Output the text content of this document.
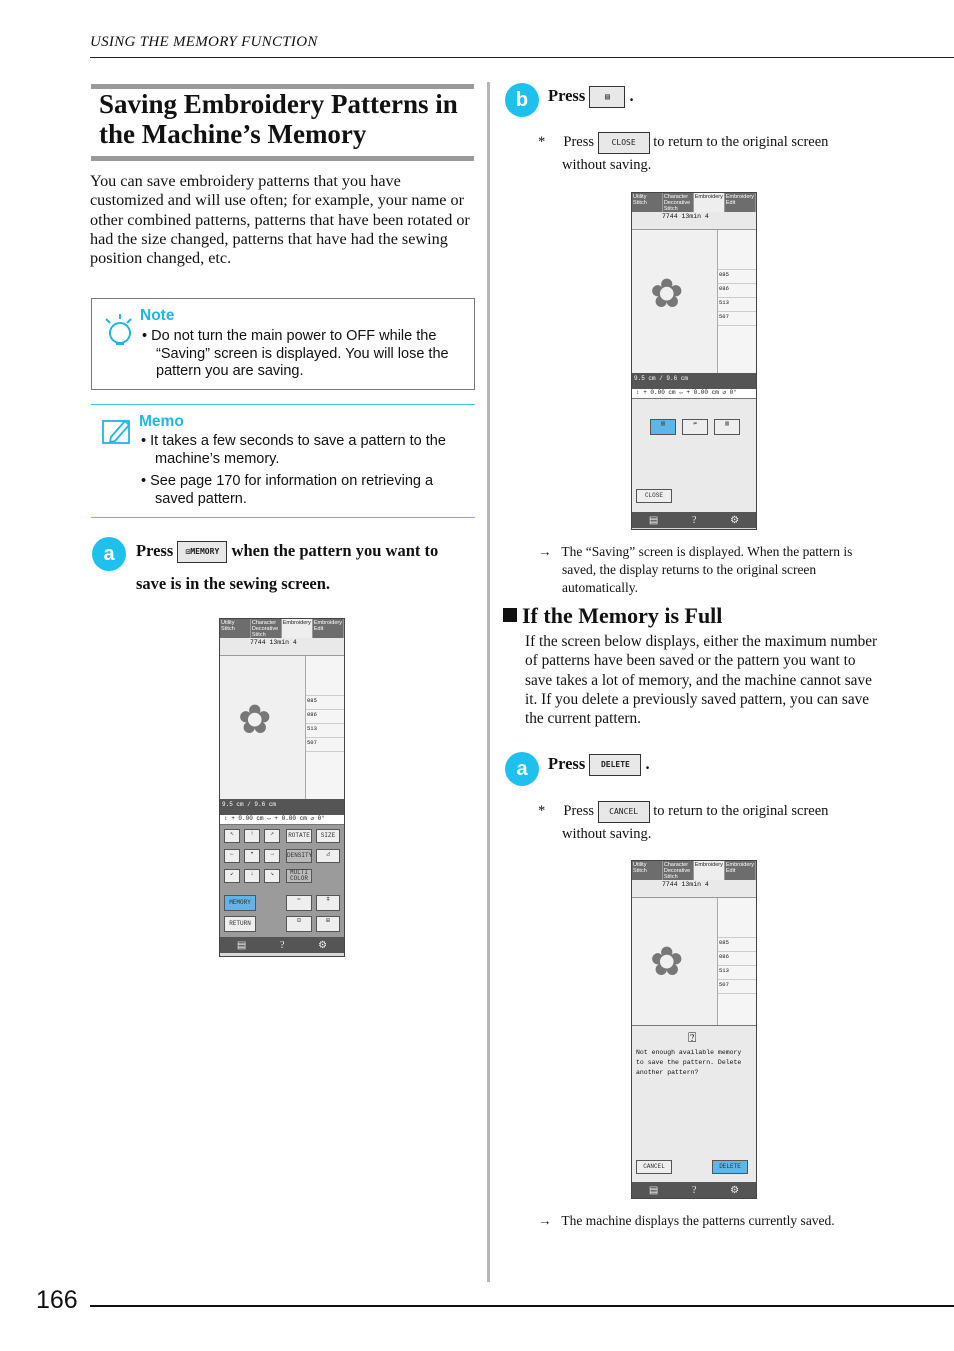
USING THE MEMORY FUNCTION
Saving Embroidery Patterns in the Machine’s Memory
You can save embroidery patterns that you have customized and will use often; for example, your name or other combined patterns, patterns that have been rotated or had the size changed, patterns that have had the sewing position changed, etc.
Note
• Do not turn the main power to OFF while the “Saving” screen is displayed. You will lose the pattern you are saving.
Memo
• It takes a few seconds to save a pattern to the machine’s memory.
• See page 170 for information on retrieving a saved pattern.
a	Press ⊡MEMORY when the pattern you want to
save is in the sewing screen.
Utility Stitch
Character Decorative Stitch
Embroidery Embroidery Edit
7744 13min 4
✿	085
086
513
507
9.5 cm / 9.6 cm
↕ + 0.00 cm ⇔ + 0.00 cm ↺ 0°
↖	↑	↗	ROTATE	SIZE
←	•	→	DENSITY	◿
↙	↓	↘	MULTI COLOR
MEMORY	✂	ǂ
RETURN	⊡	⊞
▤	?	⚙
b	Press ▤ .
*     Press CLOSE to return to the original screen
without saving.
Utility Stitch
Character Decorative Stitch
Embroidery Embroidery Edit
7744 13min 4
✿	085
086
513
507
9.5 cm / 9.6 cm
↕ + 0.00 cm ⇔ + 0.00 cm ↺ 0°
▤	⇌	▥
CLOSE
▤	?	⚙
→   The “Saving” screen is displayed. When the pattern is saved, the display returns to the original screen automatically.
If the Memory is Full
If the screen below displays, either the maximum number of patterns have been saved or the pattern you want to save takes a lot of memory, and the machine cannot save it. If you delete a previously saved pattern, you can save the current pattern.
a	Press DELETE .
*     Press CANCEL to return to the original screen
without saving.
Utility Stitch
Character Decorative Stitch
Embroidery Embroidery Edit
7744 13min 4
✿	085
086
513
507
⍰
Not enough available memory to save the pattern. Delete another pattern?
CANCEL	DELETE
▤	?	⚙
→   The machine displays the patterns currently saved.
166
